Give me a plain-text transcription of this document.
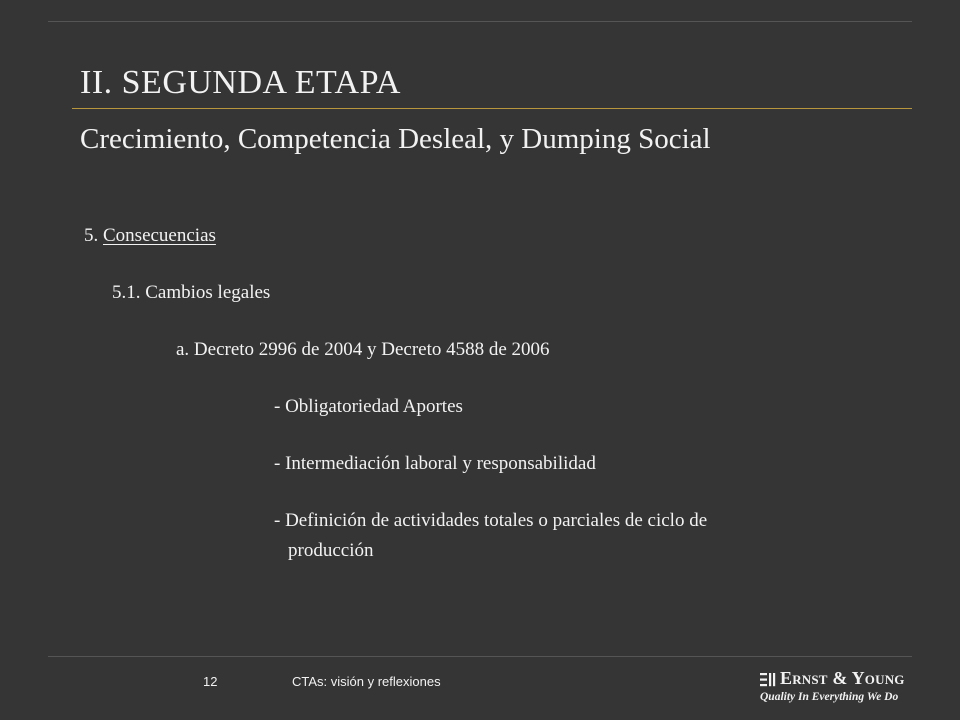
II. SEGUNDA ETAPA
Crecimiento, Competencia Desleal, y Dumping Social
5. Consecuencias
5.1. Cambios legales
a. Decreto 2996 de 2004 y Decreto 4588 de 2006
- Obligatoriedad Aportes
- Intermediación laboral y responsabilidad
- Definición de actividades totales o parciales de ciclo de
producción
12	CTAs: visión y reflexiones	Ernst & Young
Quality In Everything We Do
